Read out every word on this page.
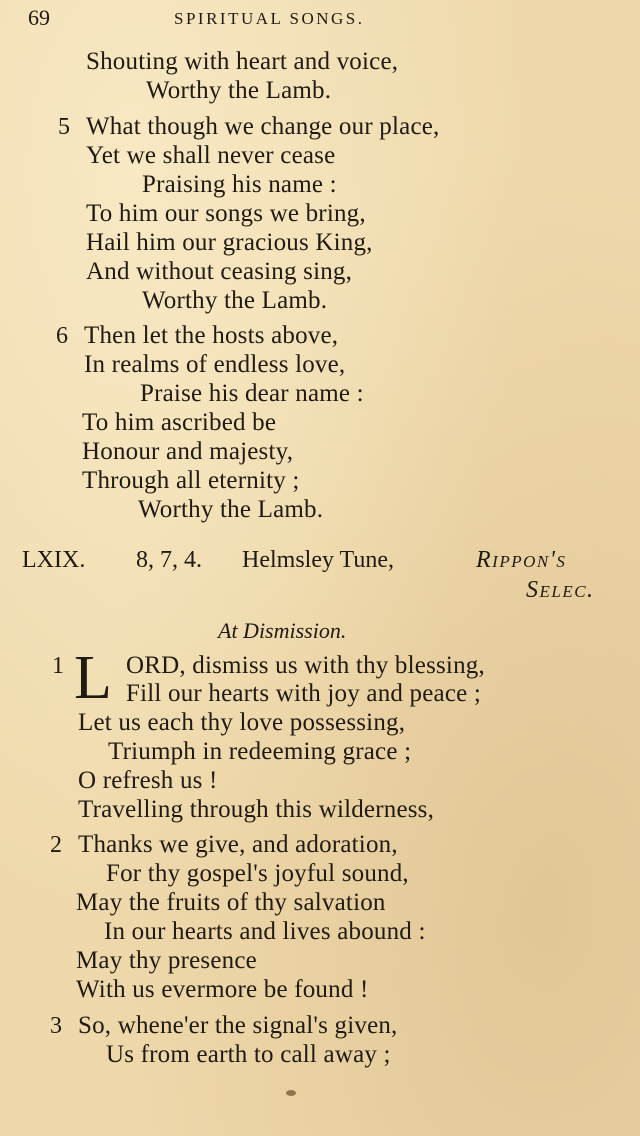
69	SPIRITUAL SONGS.
Shouting with heart and voice,
Worthy the Lamb.
5 What though we change our place,
Yet we shall never cease
Praising his name :
To him our songs we bring,
Hail him our gracious King,
And without ceasing sing,
Worthy the Lamb.
6 Then let the hosts above,
In realms of endless love,
Praise his dear name :
To him ascribed be
Honour and majesty,
Through all eternity ;
Worthy the Lamb.
LXIX. 8, 7, 4. Helmsley Tune,	Rippon's
Selec.
At Dismission.
1 L ORD, dismiss us with thy blessing,
Fill our hearts with joy and peace ;
Let us each thy love possessing,
Triumph in redeeming grace ;
O refresh us !
Travelling through this wilderness,
2 Thanks we give, and adoration,
For thy gospel's joyful sound,
May the fruits of thy salvation
In our hearts and lives abound :
May thy presence
With us evermore be found !
3 So, whene'er the signal's given,
Us from earth to call away ;
